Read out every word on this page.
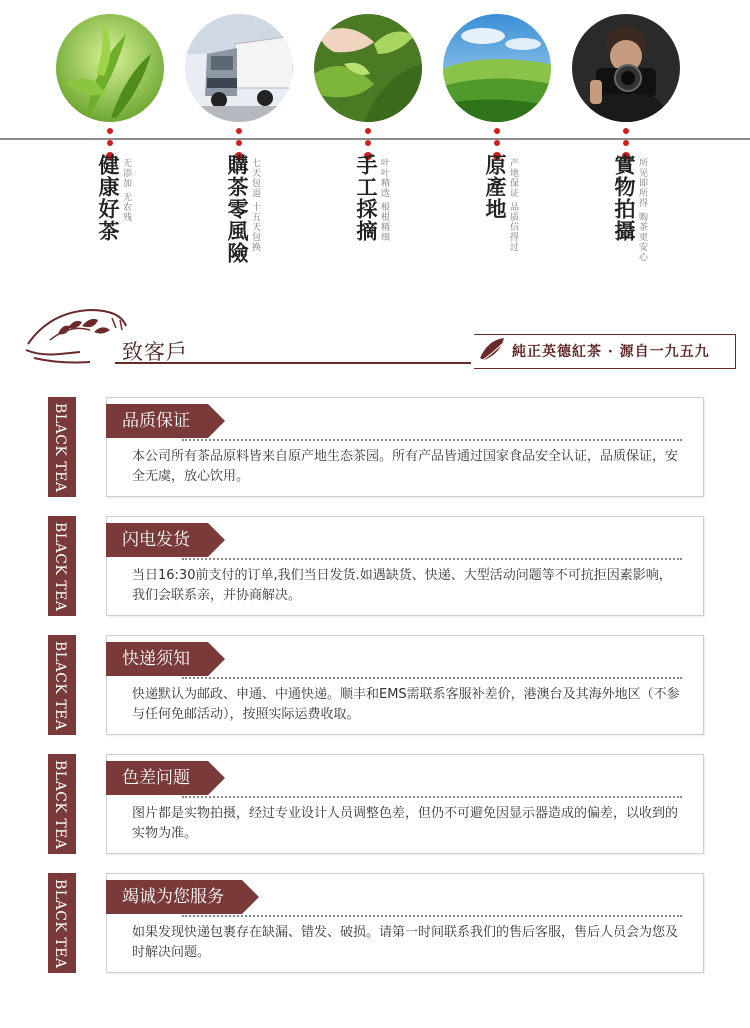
健康好茶 无添加 无农残	購茶零風險 七天包退 十五天包换	手工採摘 叶叶精选 根根精细	原產地 产地保证 品质信得过	實物拍攝 所见即所得 购茶更安心
致客戶	純正英德紅茶 · 源自一九五九
BLACK TEA	品质保证
本公司所有茶品原料皆来自原产地生态茶园。所有产品皆通过国家食品安全认证，品质保证，安全无虞，放心饮用。
BLACK TEA	闪电发货
当日16:30前支付的订单,我们当日发货.如遇缺货、快递、大型活动问题等不可抗拒因素影响，我们会联系亲，并协商解决。
BLACK TEA	快递须知
快递默认为邮政、申通、中通快递。顺丰和EMS需联系客服补差价，港澳台及其海外地区（不参与任何免邮活动），按照实际运费收取。
BLACK TEA	色差问题
图片都是实物拍摄，经过专业设计人员调整色差，但仍不可避免因显示器造成的偏差，以收到的实物为准。
BLACK TEA	竭诚为您服务
如果发现快递包裹存在缺漏、错发、破损。请第一时间联系我们的售后客服，售后人员会为您及时解决问题。
